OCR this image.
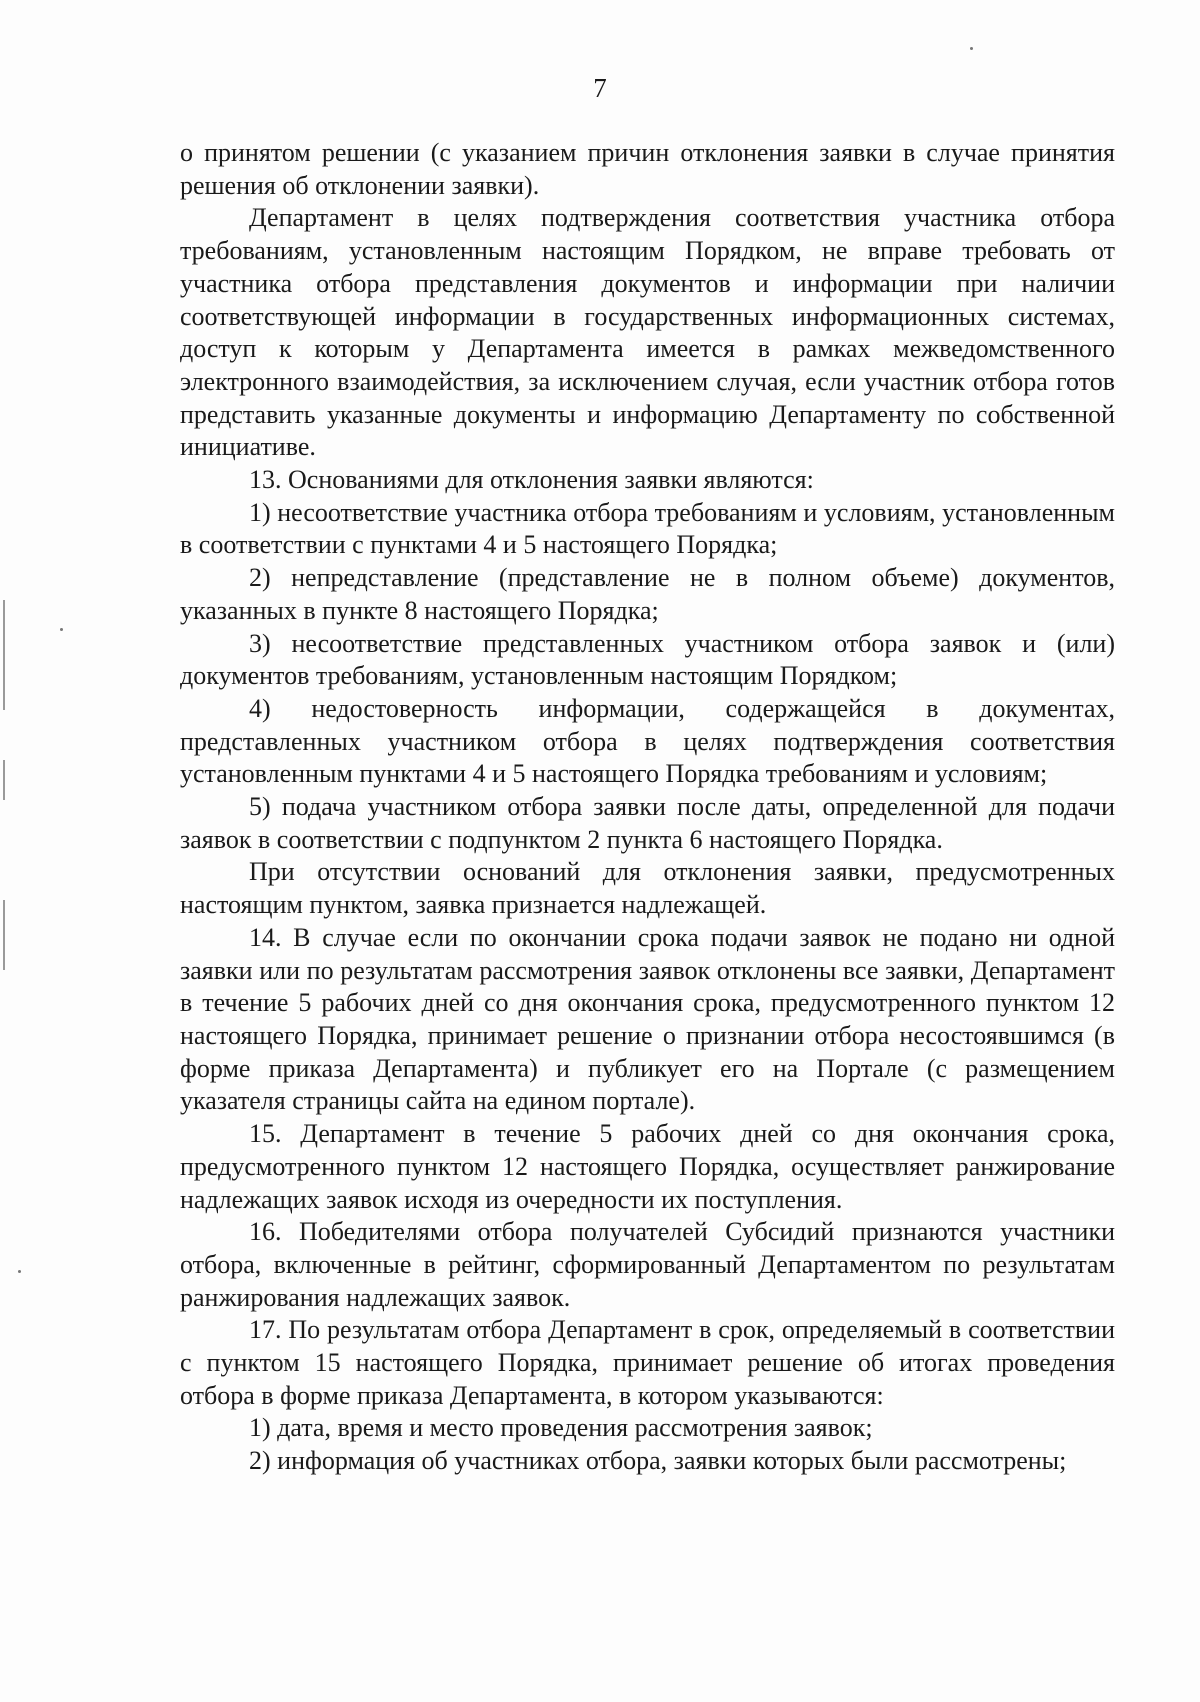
7

о принятом решении (с указанием причин отклонения заявки в случае принятия решения об отклонении заявки).

Департамент в целях подтверждения соответствия участника отбора требованиям, установленным настоящим Порядком, не вправе требовать от участника отбора представления документов и информации при наличии соответствующей информации в государственных информационных системах, доступ к которым у Департамента имеется в рамках межведомственного электронного взаимодействия, за исключением случая, если участник отбора готов представить указанные документы и информацию Департаменту по собственной инициативе.

13. Основаниями для отклонения заявки являются:

1) несоответствие участника отбора требованиям и условиям, установленным в соответствии с пунктами 4 и 5 настоящего Порядка;

2) непредставление (представление не в полном объеме) документов, указанных в пункте 8 настоящего Порядка;

3) несоответствие представленных участником отбора заявок и (или) документов требованиям, установленным настоящим Порядком;

4) недостоверность информации, содержащейся в документах, представленных участником отбора в целях подтверждения соответствия установленным пунктами 4 и 5 настоящего Порядка требованиям и условиям;

5) подача участником отбора заявки после даты, определенной для подачи заявок в соответствии с подпунктом 2 пункта 6 настоящего Порядка.

При отсутствии оснований для отклонения заявки, предусмотренных настоящим пунктом, заявка признается надлежащей.

14. В случае если по окончании срока подачи заявок не подано ни одной заявки или по результатам рассмотрения заявок отклонены все заявки, Департамент в течение 5 рабочих дней со дня окончания срока, предусмотренного пунктом 12 настоящего Порядка, принимает решение о признании отбора несостоявшимся (в форме приказа Департамента) и публикует его на Портале (с размещением указателя страницы сайта на едином портале).

15. Департамент в течение 5 рабочих дней со дня окончания срока, предусмотренного пунктом 12 настоящего Порядка, осуществляет ранжирование надлежащих заявок исходя из очередности их поступления.

16. Победителями отбора получателей Субсидий признаются участники отбора, включенные в рейтинг, сформированный Департаментом по результатам ранжирования надлежащих заявок.

17. По результатам отбора Департамент в срок, определяемый в соответствии с пунктом 15 настоящего Порядка, принимает решение об итогах проведения отбора в форме приказа Департамента, в котором указываются:

1) дата, время и место проведения рассмотрения заявок;

2) информация об участниках отбора, заявки которых были рассмотрены;
